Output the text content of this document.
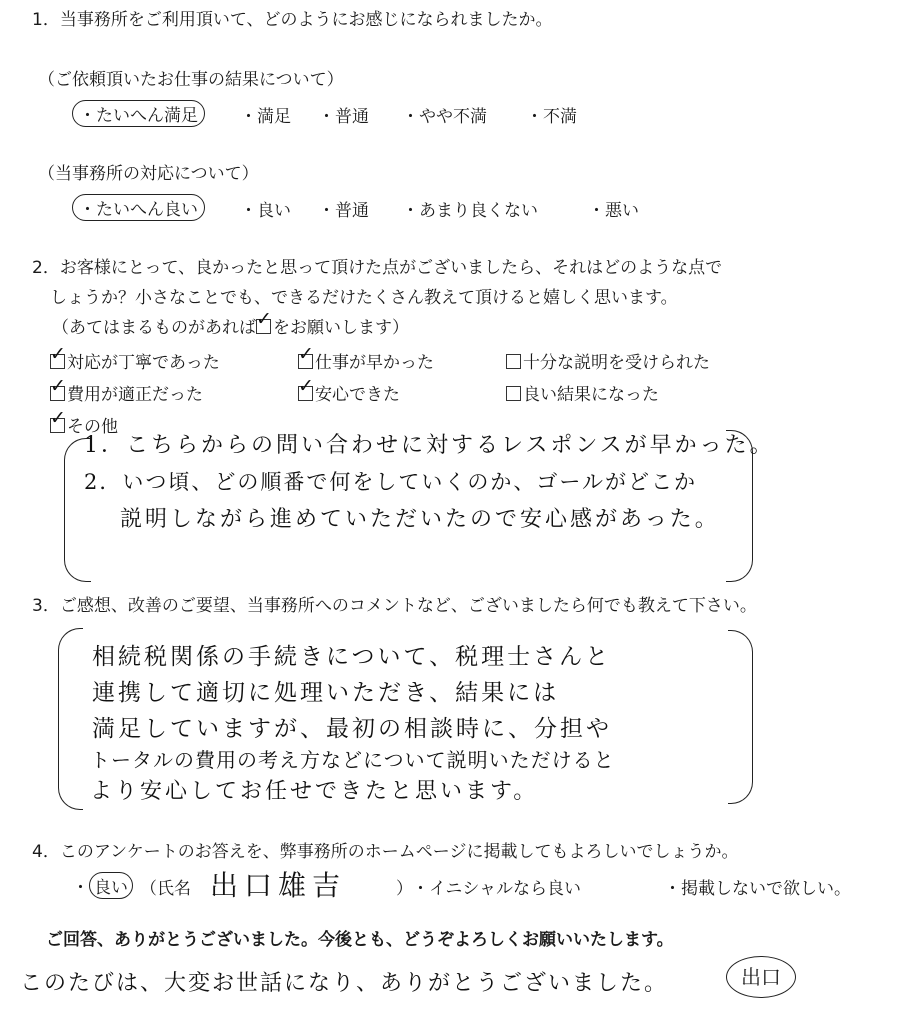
1．当事務所をご利用頂いて、どのようにお感じになられましたか。
（ご依頼頂いたお仕事の結果について）
・たいへん満足	・満足 ・普通 ・やや不満 ・不満
（当事務所の対応について）
・たいへん良い	・良い ・普通 ・あまり良くない	・悪い
2．お客様にとって、良かったと思って頂けた点がございましたら、それはどのような点で
しょうか？小さなことでも、できるだけたくさん教えて頂けると嬉しく思います。
（あてはまるものがあれば ✓ をお願いします）
✓対応が丁寧であった ✓	仕事が早かった	十分な説明を受けられた
✓費用が適正だった ✓	安心できた	良い結果になった
✓その他
1．こちらからの問い合わせに対するレスポンスが早かった。
2．いつ頃、どの順番で何をしていくのか、ゴールがどこか
説明しながら進めていただいたので安心感があった。
3．ご感想、改善のご要望、当事務所へのコメントなど、ございましたら何でも教えて下さい。
相続税関係の手続きについて、税理士さんと
連携して適切に処理いただき、結果には
満足していますが、最初の相談時に、分担や
トータルの費用の考え方などについて説明いただけると
より安心してお任せできたと思います。
4．このアンケートのお答えを、弊事務所のホームページに掲載してもよろしいでしょうか。
・ 良い （氏名 出口雄吉	） ・イニシャルなら良い	・掲載しないで欲しい。
ご回答、ありがとうございました。今後とも、どうぞよろしくお願いいたします。
このたびは、大変お世話になり、ありがとうございました。	出口
